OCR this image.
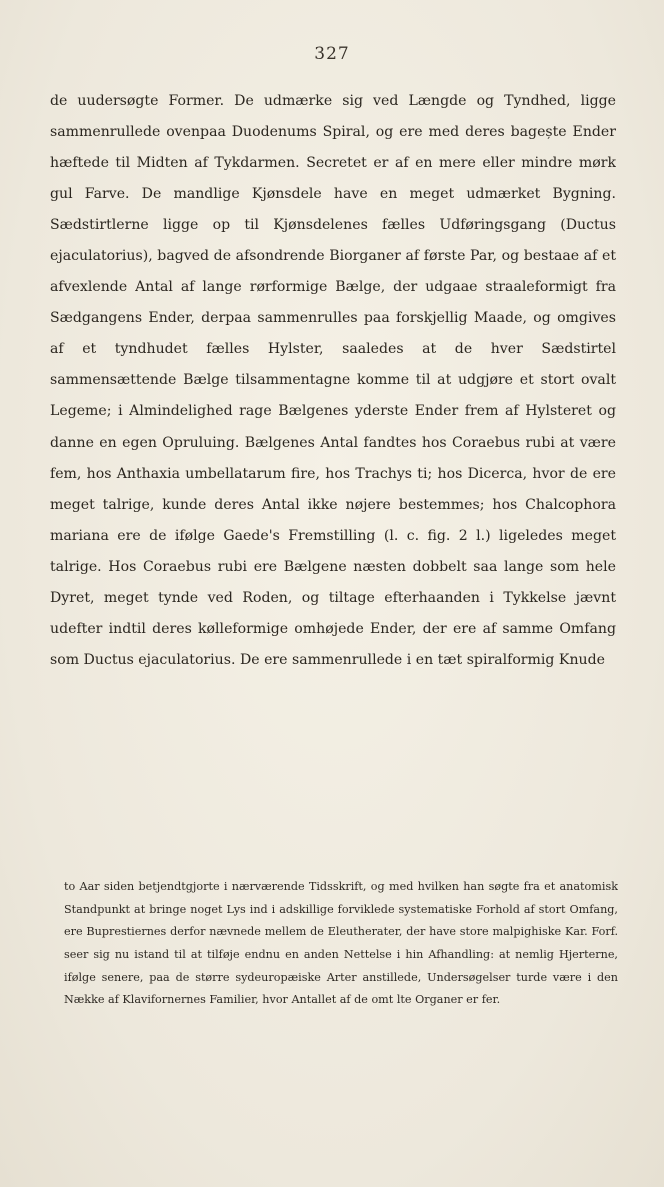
327
de uudersøgte Former. De udmærke sig ved Længde og Tyndhed, ligge
sammenrullede ovenpaa Duodenums Spiral, og ere med deres bagește Ender
hæftede til Midten af Tykdarmen. Secretet er af en mere eller mindre mørk
gul Farve. De mandlige Kjønsdele have en meget udmærket Bygning.
Sædstirtlerne ligge op til Kjønsdelenes fælles Udføringsgang (Ductus
ejaculatorius), bagved de afsondrende Biorganer af første Par, og bestaae af et
afvexlende Antal af lange rørformige Bælge, der udgaae straaleformigt fra
Sædgangens Ender, derpaa sammenrulles paa forskjellig Maade, og omgives
af et tyndhudet fælles Hylster, saaledes at de hver Sædstirtel
sammensættende Bælge tilsammentagne komme til at udgjøre et stort ovalt
Legeme; i Almindelighed rage Bælgenes yderste Ender frem af Hylsteret og
danne en egen Opruluing. Bælgenes Antal fandtes hos Coraebus rubi at være
fem, hos Anthaxia umbellatarum fire, hos Trachys ti; hos Dicerca, hvor de ere
meget talrige, kunde deres Antal ikke nøjere bestemmes; hos Chalcophora
mariana ere de ifølge Gaede's Fremstilling (l. c. fig. 2 l.) ligeledes meget
talrige. Hos Coraebus rubi ere Bælgene næsten dobbelt saa lange som hele
Dyret, meget tynde ved Roden, og tiltage efterhaanden i Tykkelse jævnt
udefter indtil deres kølleformige omhøjede Ender, der ere af samme Omfang
som Ductus ejaculatorius. De ere sammenrullede i en tæt spiralformig Knude
to Aar siden betjendtgjorte i nærværende Tidsskrift, og med hvilken han søgte fra et anatomisk
Standpunkt at bringe noget Lys ind i adskillige forviklede systematiske Forhold af stort Omfang,
ere Buprestiernes derfor nævnede mellem de Eleutherater, der have store malpighiske Kar. Forf.
seer sig nu istand til at tilføje endnu en anden Nettelse i hin Afhandling: at nemlig Hjerterne,
ifølge senere, paa de større sydeuropæiske Arter anstillede, Undersøgelser turde være i den
Nække af Klavifornernes Familier, hvor Antallet af de omt lte Organer er fer.
